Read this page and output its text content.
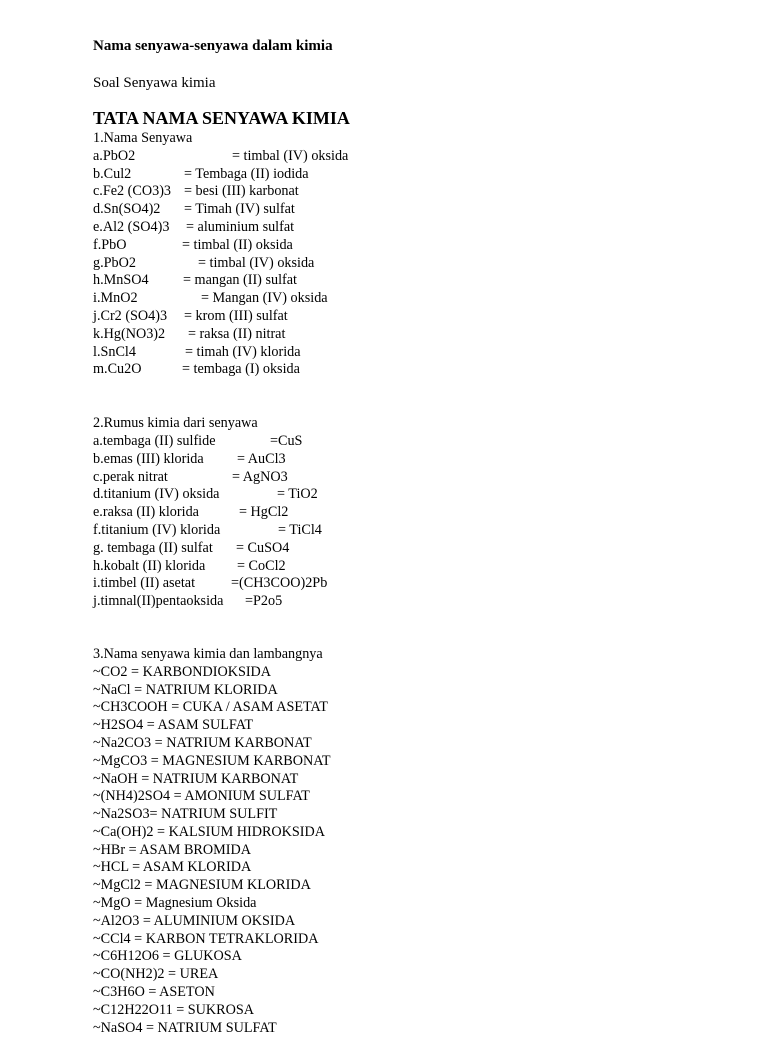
Nama senyawa-senyawa dalam kimia
Soal Senyawa kimia
TATA NAMA SENYAWA KIMIA
1.Nama Senyawa
a.PbO2	= timbal (IV) oksida
b.Cul2	= Tembaga (II) iodida
c.Fe2 (CO3)3 = besi (III) karbonat
d.Sn(SO4)2 = Timah (IV) sulfat
e.Al2 (SO4)3 = aluminium sulfat
f.PbO	= timbal (II) oksida
g.PbO2	= timbal (IV) oksida
h.MnSO4 = mangan (II) sulfat
i.MnO2	= Mangan (IV) oksida
j.Cr2 (SO4)3 = krom (III) sulfat
k.Hg(NO3)2 = raksa (II) nitrat
l.SnCl4	= timah (IV) klorida
m.Cu2O	= tembaga (I) oksida
2.Rumus kimia dari senyawa
a.tembaga (II) sulfide	=CuS
b.emas (III) klorida = AuCl3
c.perak nitrat	= AgNO3
d.titanium (IV) oksida	= TiO2
e.raksa (II) klorida	= HgCl2
f.titanium (IV) klorida	= TiCl4
g. tembaga (II) sulfat = CuSO4
h.kobalt (II) klorida = CoCl2
i.timbel (II) asetat	=(CH3COO)2Pb
j.timnal(II)pentaoksida =P2o5
3.Nama senyawa kimia dan lambangnya
~CO2 = KARBONDIOKSIDA
~NaCl = NATRIUM KLORIDA
~CH3COOH = CUKA / ASAM ASETAT
~H2SO4 = ASAM SULFAT
~Na2CO3 = NATRIUM KARBONAT
~MgCO3 = MAGNESIUM KARBONAT
~NaOH = NATRIUM KARBONAT
~(NH4)2SO4 = AMONIUM SULFAT
~Na2SO3= NATRIUM SULFIT
~Ca(OH)2 = KALSIUM HIDROKSIDA
~HBr = ASAM BROMIDA
~HCL = ASAM KLORIDA
~MgCl2 = MAGNESIUM KLORIDA
~MgO = Magnesium Oksida
~Al2O3 = ALUMINIUM OKSIDA
~CCl4 = KARBON TETRAKLORIDA
~C6H12O6 = GLUKOSA
~CO(NH2)2 = UREA
~C3H6O = ASETON
~C12H22O11 = SUKROSA
~NaSO4 = NATRIUM SULFAT
